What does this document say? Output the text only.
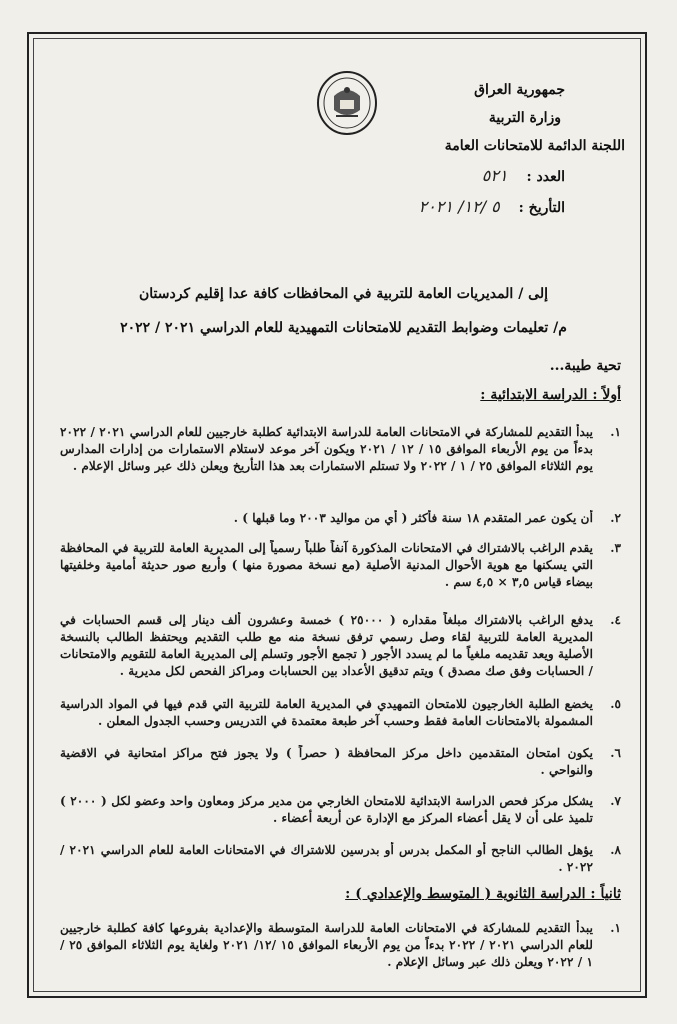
جمهورية العراق
وزارة التربية
اللجنة الدائمة للامتحانات العامة
العدد : ٥٢١
التأريخ : ٥ /١٢/ ٢٠٢١
إلى / المديريات العامة للتربية في المحافظات كافة عدا إقليم كردستان
م/ تعليمات وضوابط التقديم للامتحانات التمهيدية للعام الدراسي ٢٠٢١ / ٢٠٢٢
تحية طيبة...
أولاً : الدراسة الابتدائية :
١.
يبدأ التقديم للمشاركة في الامتحانات العامة للدراسة الابتدائية كطلبة خارجيين للعام الدراسي ٢٠٢١ / ٢٠٢٢ بدءاً من يوم الأربعاء الموافق ١٥ / ١٢ / ٢٠٢١ ويكون آخر موعد لاستلام الاستمارات من إدارات المدارس يوم الثلاثاء الموافق ٢٥ / ١ / ٢٠٢٢ ولا تستلم الاستمارات بعد هذا التأريخ ويعلن ذلك عبر وسائل الإعلام .
٢.
أن يكون عمر المتقدم ١٨ سنة فأكثر ( أي من مواليد ٢٠٠٣ وما قبلها ) .
٣.
يقدم الراغب بالاشتراك في الامتحانات المذكورة آنفاً طلباً رسمياً إلى المديرية العامة للتربية في المحافظة التي يسكنها مع هوية الأحوال المدنية الأصلية (مع نسخة مصورة منها ) وأربع صور حديثة أمامية وخلفيتها بيضاء قياس ٣,٥ × ٤,٥ سم .
٤.
يدفع الراغب بالاشتراك مبلغاً مقداره ( ٢٥٠٠٠ ) خمسة وعشرون ألف دينار إلى قسم الحسابات في المديرية العامة للتربية لقاء وصل رسمي ترفق نسخة منه مع طلب التقديم ويحتفظ الطالب بالنسخة الأصلية ويعد تقديمه ملغياً ما لم يسدد الأجور ( تجمع الأجور وتسلم إلى المديرية العامة للتقويم والامتحانات / الحسابات وفق صك مصدق ) ويتم تدقيق الأعداد بين الحسابات ومراكز الفحص لكل مديرية .
٥.
يخضع الطلبة الخارجيون للامتحان التمهيدي في المديرية العامة للتربية التي قدم فيها في المواد الدراسية المشمولة بالامتحانات العامة فقط وحسب آخر طبعة معتمدة في التدريس وحسب الجدول المعلن .
٦.
يكون امتحان المتقدمين داخل مركز المحافظة ( حصراً ) ولا يجوز فتح مراكز امتحانية في الاقضية والنواحي .
٧.
يشكل مركز فحص الدراسة الابتدائية للامتحان الخارجي من مدير مركز ومعاون واحد وعضو لكل ( ٢٠٠٠ ) تلميذ على أن لا يقل أعضاء المركز مع الإدارة عن أربعة أعضاء .
٨.
يؤهل الطالب الناجح أو المكمل بدرس أو بدرسين للاشتراك في الامتحانات العامة للعام الدراسي ٢٠٢١ / ٢٠٢٢ .
ثانياً : الدراسة الثانوية ( المتوسط والإعدادي ) :
١.
يبدأ التقديم للمشاركة في الامتحانات العامة للدراسة المتوسطة والإعدادية بفروعها كافة كطلبة خارجيين للعام الدراسي ٢٠٢١ / ٢٠٢٢ بدءاً من يوم الأربعاء الموافق ١٥ /١٢/ ٢٠٢١ ولغاية يوم الثلاثاء الموافق ٢٥ / ١ / ٢٠٢٢ ويعلن ذلك عبر وسائل الإعلام .
